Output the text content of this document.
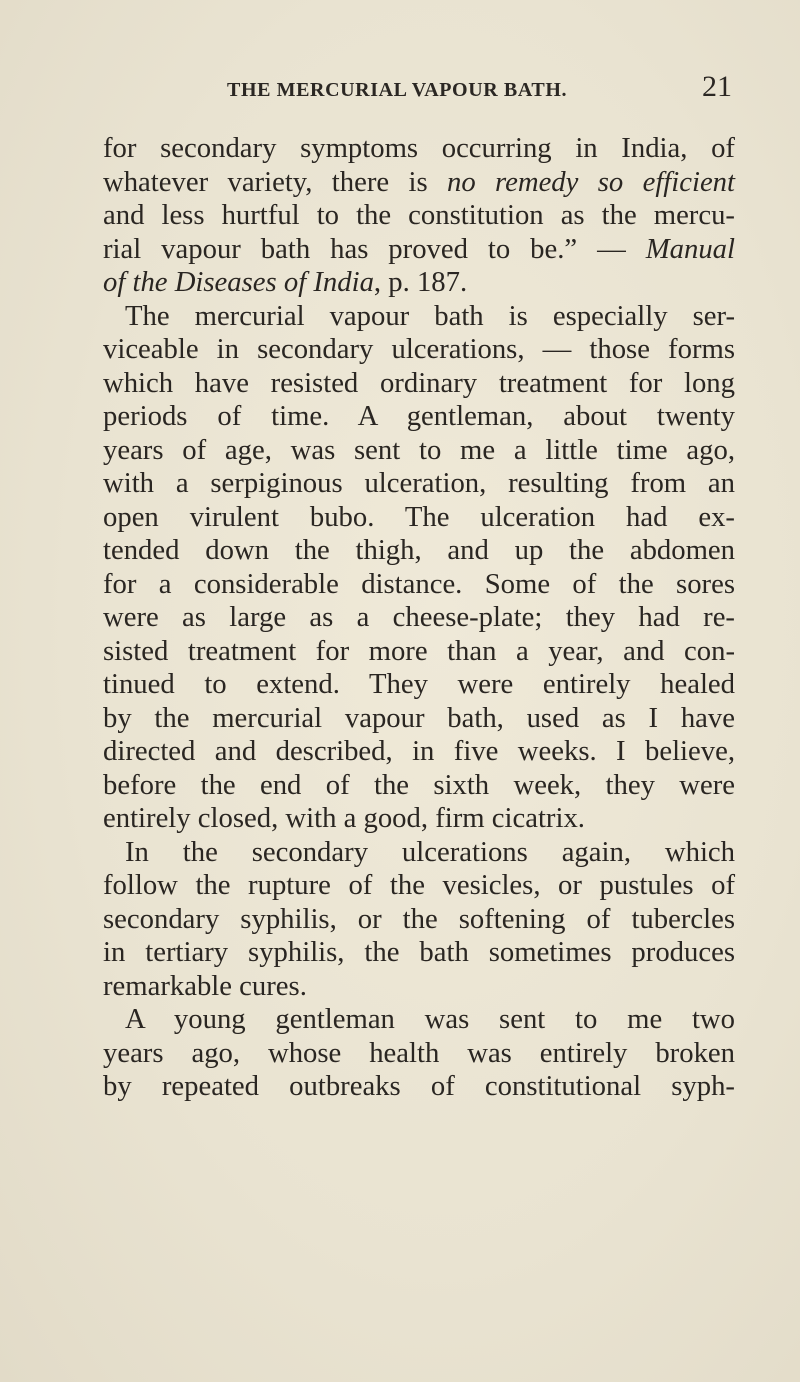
THE MERCURIAL VAPOUR BATH.	21
for secondary symptoms occurring in India, of
whatever variety, there is no remedy so efficient
and less hurtful to the constitution as the mercu-
rial vapour bath has proved to be.” — Manual
of the Diseases of India, p. 187.
The mercurial vapour bath is especially ser-
viceable in secondary ulcerations, — those forms
which have resisted ordinary treatment for long
periods of time. A gentleman, about twenty
years of age, was sent to me a little time ago,
with a serpiginous ulceration, resulting from an
open virulent bubo. The ulceration had ex-
tended down the thigh, and up the abdomen
for a considerable distance. Some of the sores
were as large as a cheese-plate; they had re-
sisted treatment for more than a year, and con-
tinued to extend. They were entirely healed
by the mercurial vapour bath, used as I have
directed and described, in five weeks. I believe,
before the end of the sixth week, they were
entirely closed, with a good, firm cicatrix.
In the secondary ulcerations again, which
follow the rupture of the vesicles, or pustules of
secondary syphilis, or the softening of tubercles
in tertiary syphilis, the bath sometimes produces
remarkable cures.
A young gentleman was sent to me two
years ago, whose health was entirely broken
by repeated outbreaks of constitutional syph-
